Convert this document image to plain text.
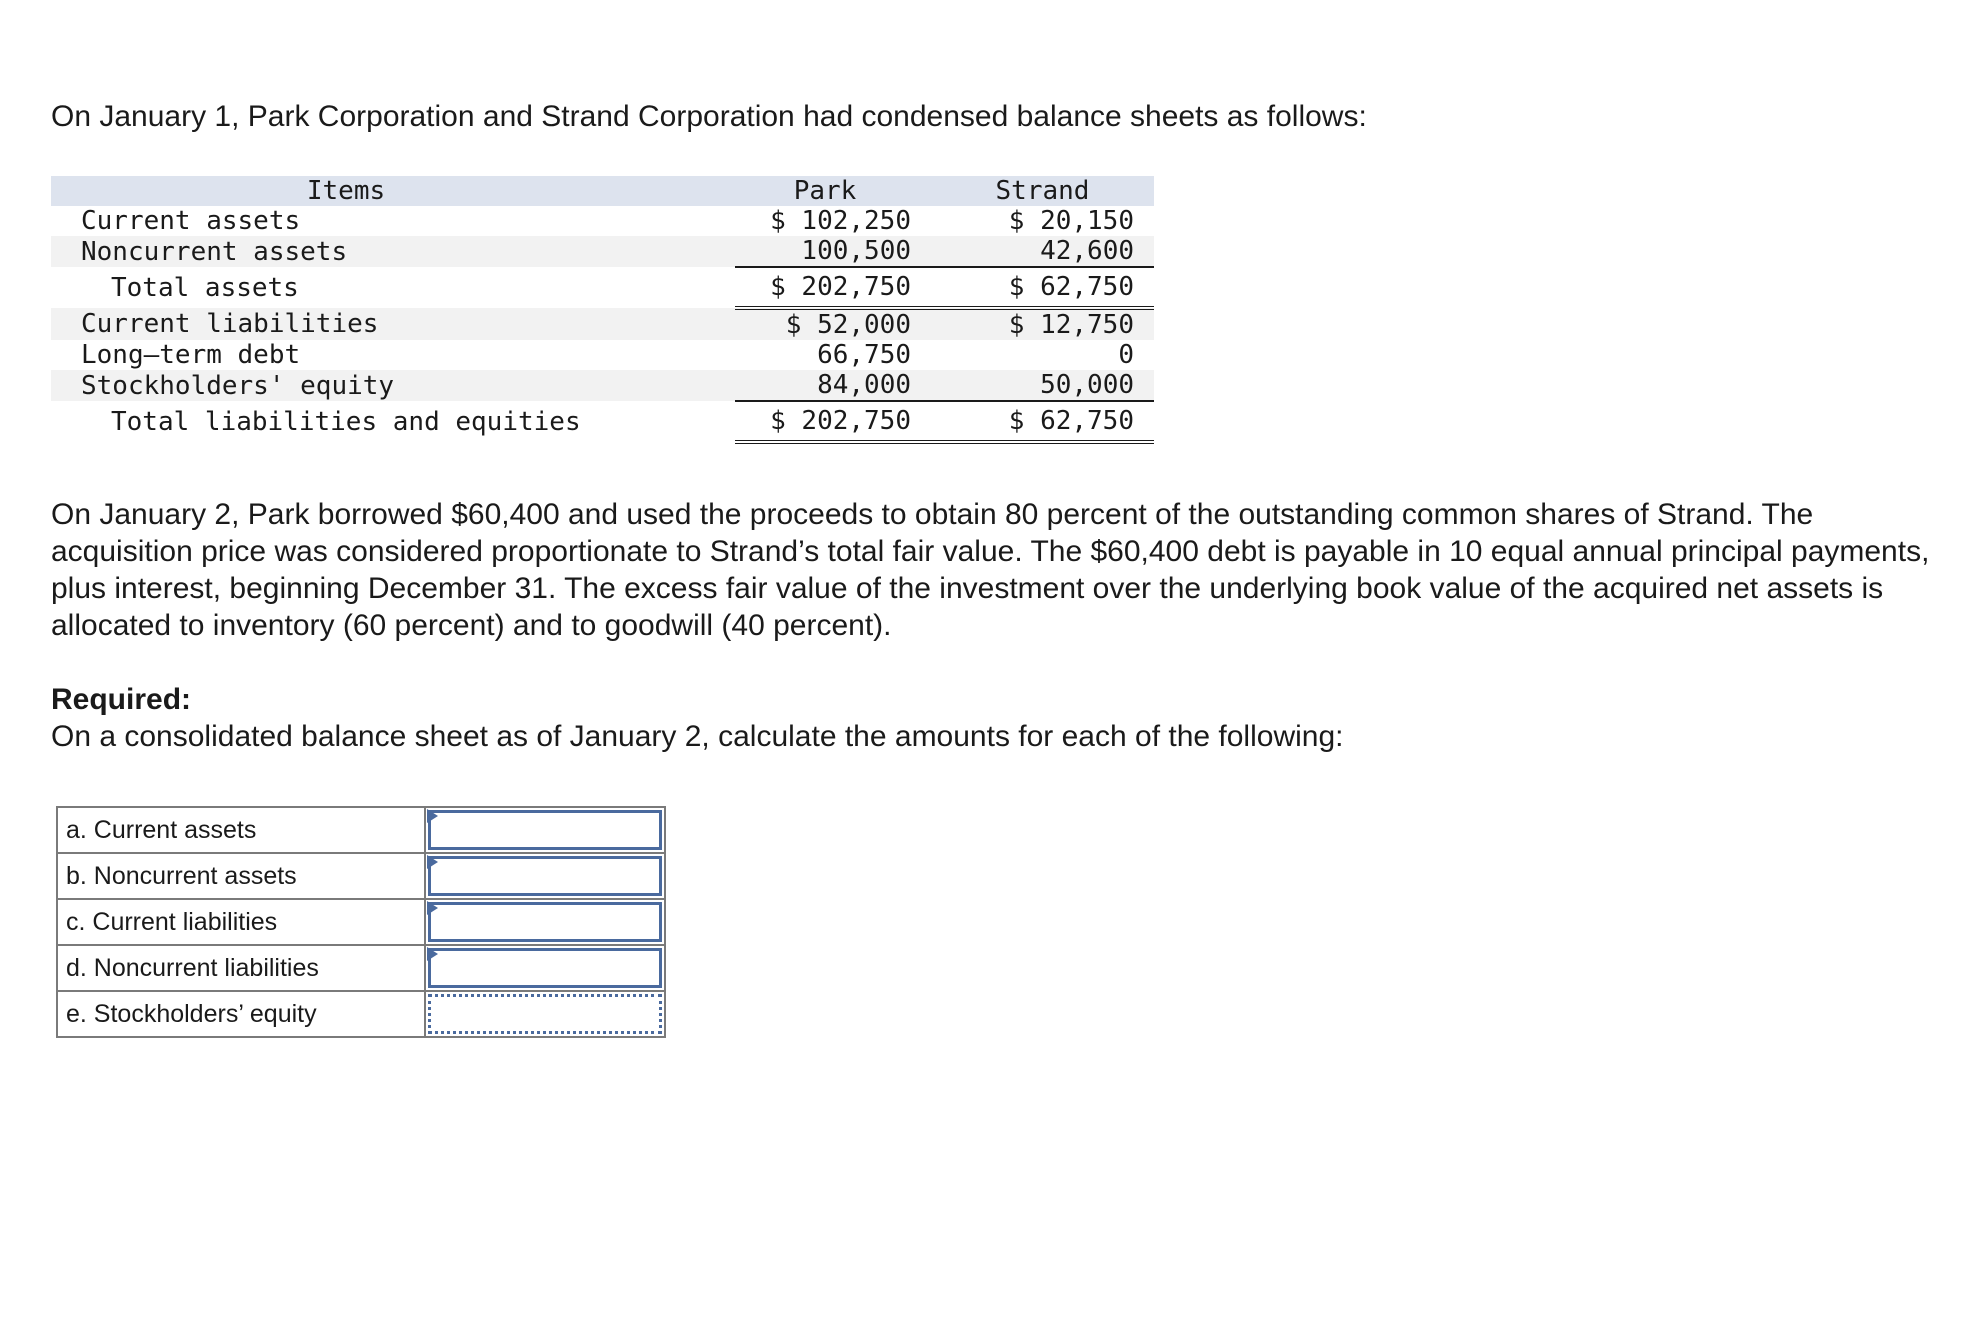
On January 1, Park Corporation and Strand Corporation had condensed balance sheets as follows:

Items		Park		Strand
Current assets		$ 102,250		$ 20,150
Noncurrent assets		100,500		42,600
Total assets		$ 202,750		$ 62,750
Current liabilities		$ 52,000		$ 12,750
Long–term debt		66,750		0
Stockholders' equity		84,000		50,000
Total liabilities and equities		$ 202,750		$ 62,750

On January 2, Park borrowed $60,400 and used the proceeds to obtain 80 percent of the outstanding common shares of Strand. The acquisition price was considered proportionate to Strand’s total fair value. The $60,400 debt is payable in 10 equal annual principal payments, plus interest, beginning December 31. The excess fair value of the investment over the underlying book value of the acquired net assets is allocated to inventory (60 percent) and to goodwill (40 percent).

Required:
On a consolidated balance sheet as of January 2, calculate the amounts for each of the following:
a. Current assets	

b. Noncurrent assets	

c. Current liabilities	

d. Noncurrent liabilities	

e. Stockholders’ equity	
